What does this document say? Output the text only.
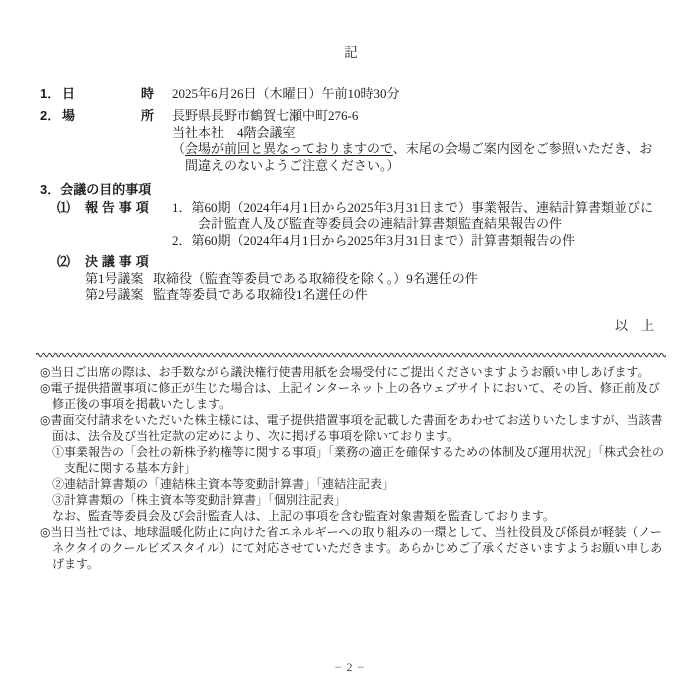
記
1． 日	時 2025年6月26日（木曜日）午前10時30分
2． 場	所 長野県長野市鶴賀七瀬中町276-6
当社本社　4階会議室
（会場が前回と異なっておりますので、末尾の会場ご案内図をご参照いただき、お間違えのないようご注意ください。）
3．会議の目的事項
⑴	報告事項	1．第60期（2024年4月1日から2025年3月31日まで）事業報告、連結計算書類並びに会計監査人及び監査等委員会の連結計算書類監査結果報告の件
2．第60期（2024年4月1日から2025年3月31日まで）計算書類報告の件
⑵	決議事項
第1号議案 取締役（監査等委員である取締役を除く。）9名選任の件
第2号議案 監査等委員である取締役1名選任の件
以　上
◎当日ご出席の際は、お手数ながら議決権行使書用紙を会場受付にご提出くださいますようお願い申しあげます。
◎電子提供措置事項に修正が生じた場合は、上記インターネット上の各ウェブサイトにおいて、その旨、修正前及び修正後の事項を掲載いたします。
◎書面交付請求をいただいた株主様には、電子提供措置事項を記載した書面をあわせてお送りいたしますが、当該書面は、法令及び当社定款の定めにより、次に掲げる事項を除いております。
①事業報告の「会社の新株予約権等に関する事項」「業務の適正を確保するための体制及び運用状況」「株式会社の支配に関する基本方針」
②連結計算書類の「連結株主資本等変動計算書」「連結注記表」
③計算書類の「株主資本等変動計算書」「個別注記表」
なお、監査等委員会及び会計監査人は、上記の事項を含む監査対象書類を監査しております。
◎当日当社では、地球温暖化防止に向けた省エネルギーへの取り組みの一環として、当社役員及び係員が軽装（ノーネクタイのクールビズスタイル）にて対応させていただきます。あらかじめご了承くださいますようお願い申しあげます。
− 2 −
